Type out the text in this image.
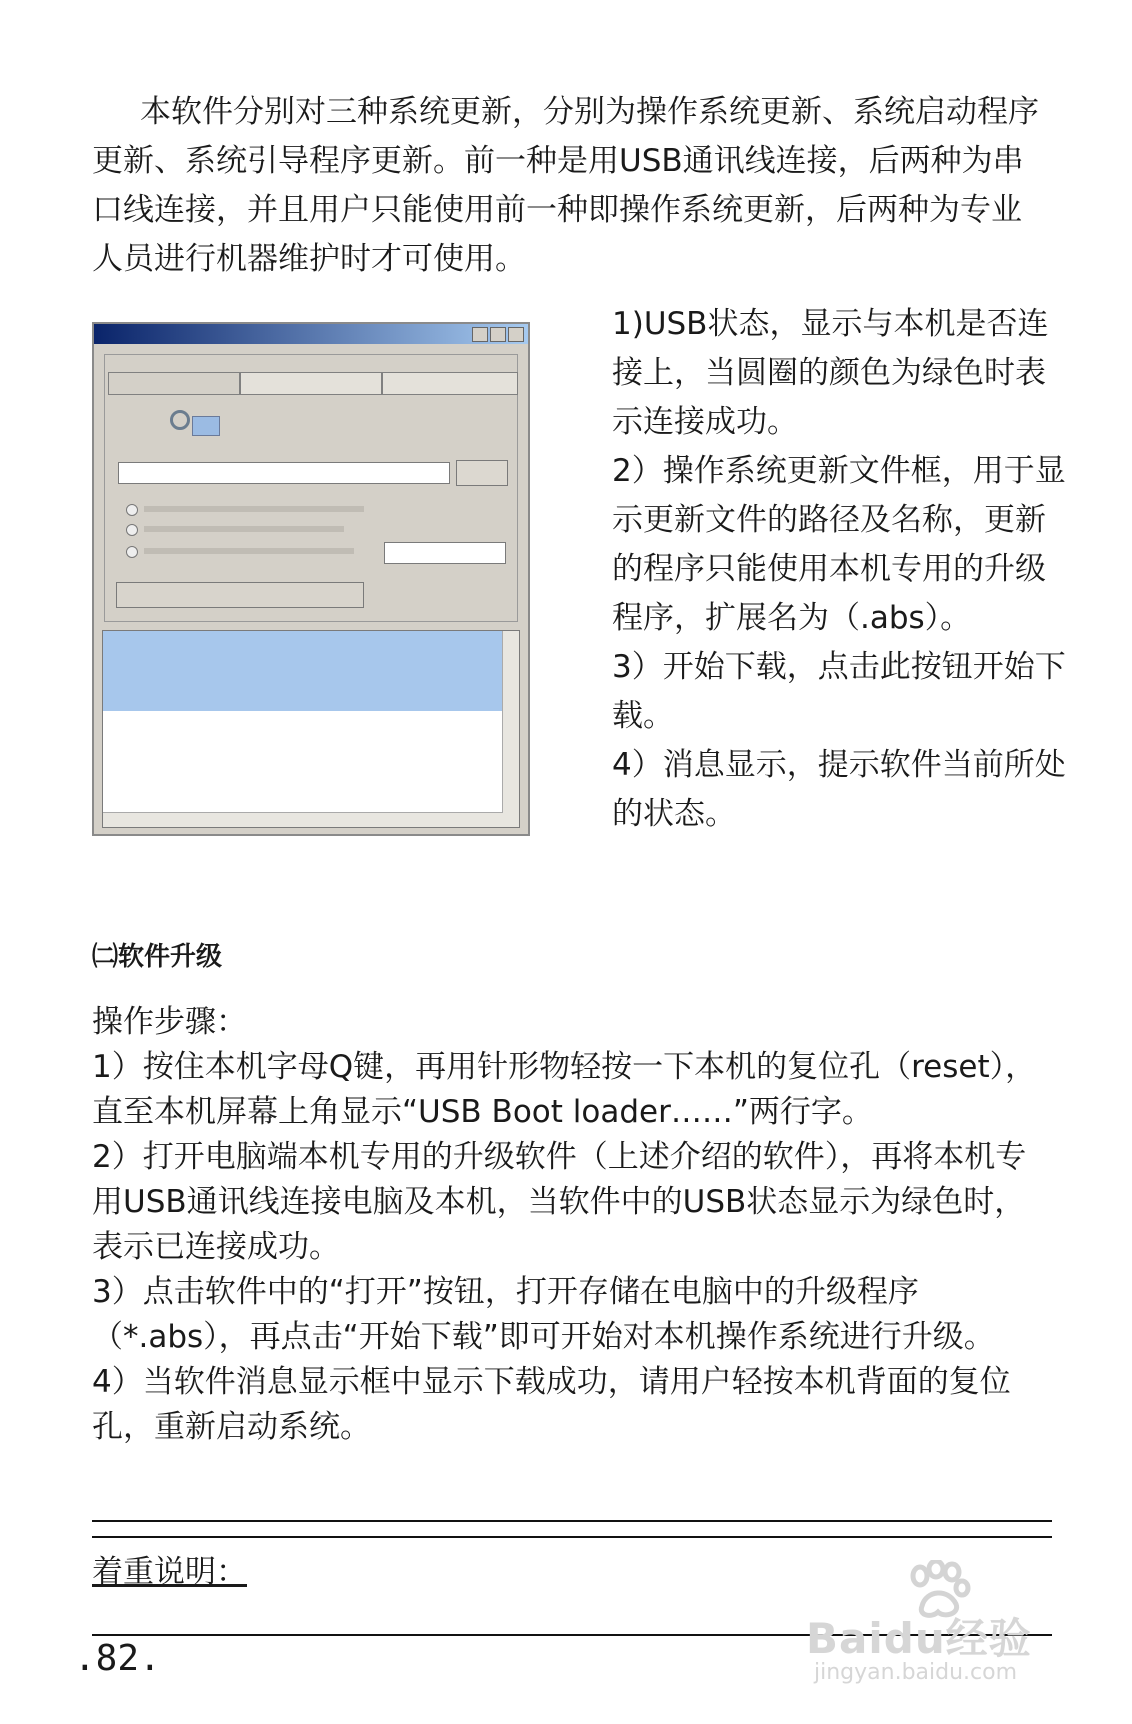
本软件分别对三种系统更新，分别为操作系统更新、系统启动程序更新、系统引导程序更新。前一种是用USB通讯线连接，后两种为串口线连接，并且用户只能使用前一种即操作系统更新，后两种为专业人员进行机器维护时才可使用。

1)USB状态，显示与本机是否连接上，当圆圈的颜色为绿色时表示连接成功。

2）操作系统更新文件框，用于显示更新文件的路径及名称，更新的程序只能使用本机专用的升级程序，扩展名为（.abs）。

3）开始下载，点击此按钮开始下载。

4）消息显示，提示软件当前所处的状态。

㈡软件升级

操作步骤：

1）按住本机字母Q键，再用针形物轻按一下本机的复位孔（reset），直至本机屏幕上角显示“USB Boot loader……”两行字。

2）打开电脑端本机专用的升级软件（上述介绍的软件），再将本机专用USB通讯线连接电脑及本机，当软件中的USB状态显示为绿色时，表示已连接成功。

3）点击软件中的“打开”按钮，打开存储在电脑中的升级程序（*.abs），再点击“开始下载”即可开始对本机操作系统进行升级。

4）当软件消息显示框中显示下载成功，请用户轻按本机背面的复位孔，重新启动系统。

着重说明：

.82.	Baidu经验
jingyan.baidu.com
